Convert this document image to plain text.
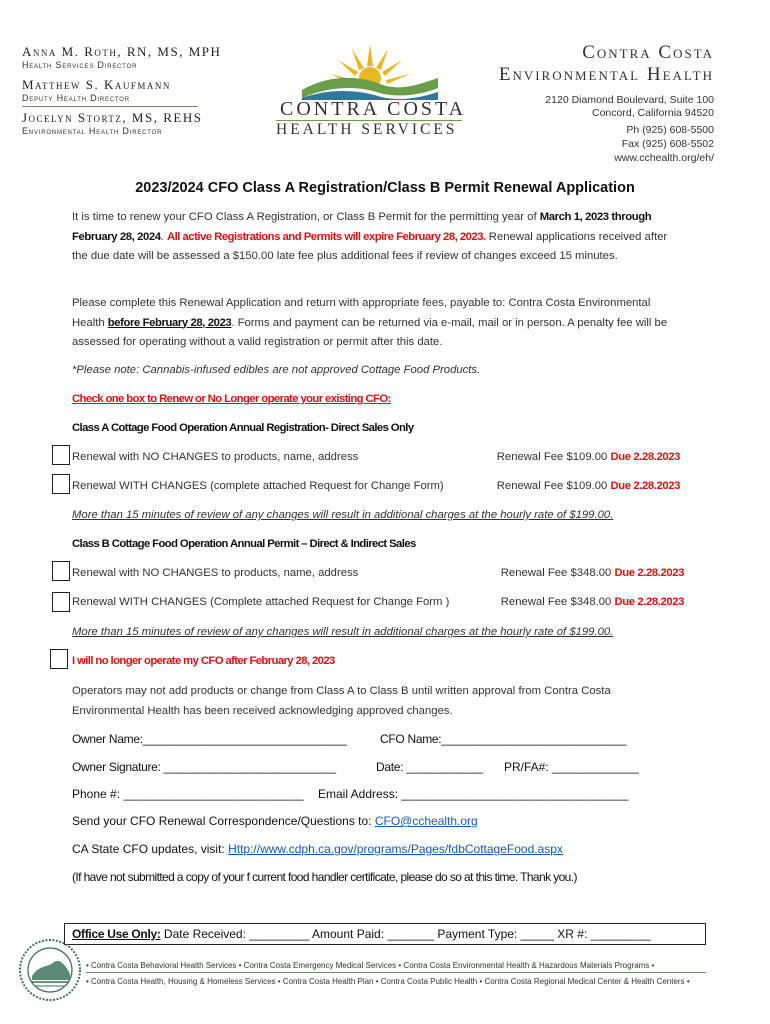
Anna M. Roth, RN, MS, MPH
Health Services Director
Matthew S. Kaufmann
Deputy Health Director
Jocelyn Stortz, MS, REHS
Environmental Health Director
CONTRA COSTA
HEALTH SERVICES
Contra Costa
Environmental Health
2120 Diamond Boulevard, Suite 100
Concord, California 94520
Ph (925) 608-5500
Fax (925) 608-5502
www.cchealth.org/eh/
2023/2024 CFO Class A Registration/Class B Permit Renewal Application
It is time to renew your CFO Class A Registration, or Class B Permit for the permitting year of March 1, 2023 through February 28, 2024. All active Registrations and Permits will expire February 28, 2023. Renewal applications received after the due date will be assessed a $150.00 late fee plus additional fees if review of changes exceed 15 minutes.
Please complete this Renewal Application and return with appropriate fees, payable to: Contra Costa Environmental Health before February 28, 2023. Forms and payment can be returned via e-mail, mail or in person. A penalty fee will be assessed for operating without a valid registration or permit after this date.
*Please note: Cannabis-infused edibles are not approved Cottage Food Products.
Check one box to Renew or No Longer operate your existing CFO:
Class A Cottage Food Operation Annual Registration- Direct Sales Only
Renewal with NO CHANGES to products, name, address	Renewal Fee $109.00 Due 2.28.2023
Renewal WITH CHANGES (complete attached Request for Change Form)	Renewal Fee $109.00 Due 2.28.2023
More than 15 minutes of review of any changes will result in additional charges at the hourly rate of $199.00.
Class B Cottage Food Operation Annual Permit – Direct & Indirect Sales
Renewal with NO CHANGES to products, name, address	Renewal Fee $348.00 Due 2.28.2023
Renewal WITH CHANGES (Complete attached Request for Change Form )	Renewal Fee $348.00 Due 2.28.2023
More than 15 minutes of review of any changes will result in additional charges at the hourly rate of $199.00.
I will no longer operate my CFO after February 28, 2023
Operators may not add products or change from Class A to Class B until written approval from Contra Costa Environmental Health has been received acknowledging approved changes.
Owner Name:________________________________	CFO Name:_____________________________
Owner Signature: ___________________________	Date: ____________ PR/FA#: _____________
Phone #: ___________________________ Email Address: __________________________________
Send your CFO Renewal Correspondence/Questions to: CFO@cchealth.org
CA State CFO updates, visit: Http://www.cdph.ca.gov/programs/Pages/fdbCottageFood.aspx
(If have not submitted a copy of your f current food handler certificate, please do so at this time. Thank you.)
Office Use Only: Date Received: _________ Amount Paid: _______ Payment Type: _____ XR #: _________
• Contra Costa Behavioral Health Services • Contra Costa Emergency Medical Services • Contra Costa Environmental Health & Hazardous Materials Programs •
• Contra Costa Health, Housing & Homeless Services • Contra Costa Health Plan • Contra Costa Public Health • Contra Costa Regional Medical Center & Health Centers •
